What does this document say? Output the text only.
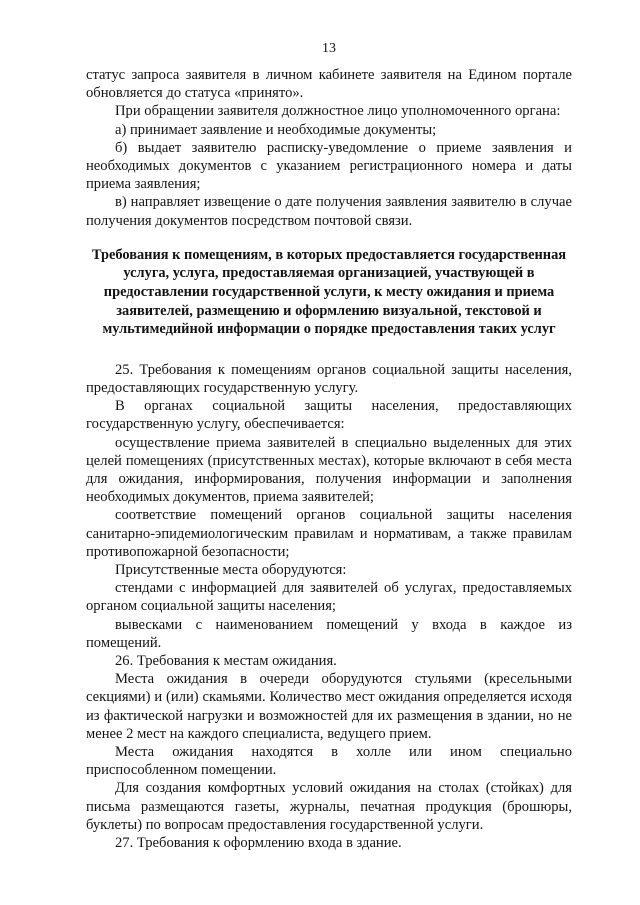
13

статус запроса заявителя в личном кабинете заявителя на Едином портале обновляется до статуса «принято».

При обращении заявителя должностное лицо уполномоченного органа:

а) принимает заявление и необходимые документы;

б) выдает заявителю расписку-уведомление о приеме заявления и необходимых документов с указанием регистрационного номера и даты приема заявления;

в) направляет извещение о дате получения заявления заявителю в случае получения документов посредством почтовой связи.

Требования к помещениям, в которых предоставляется государственная услуга, услуга, предоставляемая организацией, участвующей в предоставлении государственной услуги, к месту ожидания и приема заявителей, размещению и оформлению визуальной, текстовой и мультимедийной информации о порядке предоставления таких услуг

25. Требования к помещениям органов социальной защиты населения, предоставляющих государственную услугу.

В органах социальной защиты населения, предоставляющих государственную услугу, обеспечивается:

осуществление приема заявителей в специально выделенных для этих целей помещениях (присутственных местах), которые включают в себя места для ожидания, информирования, получения информации и заполнения необходимых документов, приема заявителей;

соответствие помещений органов социальной защиты населения санитарно-эпидемиологическим правилам и нормативам, а также правилам противопожарной безопасности;

Присутственные места оборудуются:

стендами с информацией для заявителей об услугах, предоставляемых органом социальной защиты населения;

вывесками с наименованием помещений у входа в каждое из помещений.

26. Требования к местам ожидания.

Места ожидания в очереди оборудуются стульями (кресельными секциями) и (или) скамьями. Количество мест ожидания определяется исходя из фактической нагрузки и возможностей для их размещения в здании, но не менее 2 мест на каждого специалиста, ведущего прием.

Места ожидания находятся в холле или ином специально приспособленном помещении.

Для создания комфортных условий ожидания на столах (стойках) для письма размещаются газеты, журналы, печатная продукция (брошюры, буклеты) по вопросам предоставления государственной услуги.

27. Требования к оформлению входа в здание.
